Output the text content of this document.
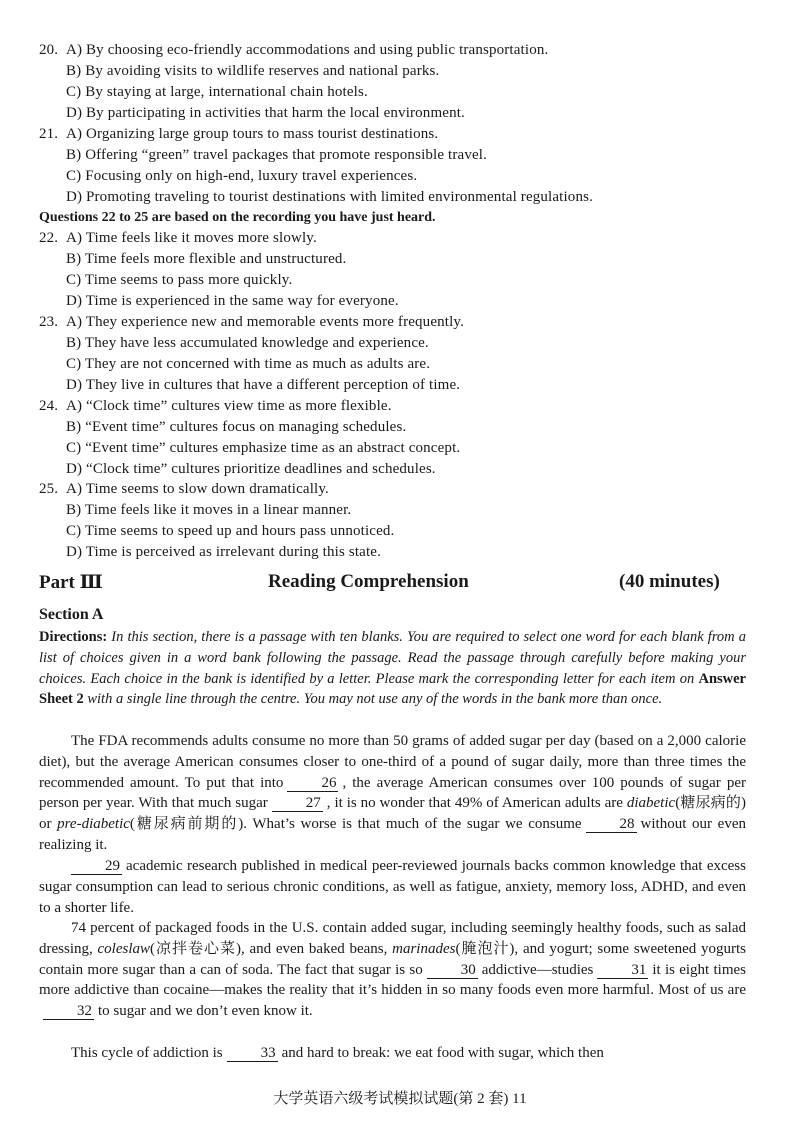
20. A) By choosing eco-friendly accommodations and using public transportation.
B) By avoiding visits to wildlife reserves and national parks.
C) By staying at large, international chain hotels.
D) By participating in activities that harm the local environment.
21. A) Organizing large group tours to mass tourist destinations.
B) Offering “green” travel packages that promote responsible travel.
C) Focusing only on high-end, luxury travel experiences.
D) Promoting traveling to tourist destinations with limited environmental regulations.
Questions 22 to 25 are based on the recording you have just heard.
22. A) Time feels like it moves more slowly.
B) Time feels more flexible and unstructured.
C) Time seems to pass more quickly.
D) Time is experienced in the same way for everyone.
23. A) They experience new and memorable events more frequently.
B) They have less accumulated knowledge and experience.
C) They are not concerned with time as much as adults are.
D) They live in cultures that have a different perception of time.
24. A) “Clock time” cultures view time as more flexible.
B) “Event time” cultures focus on managing schedules.
C) “Event time” cultures emphasize time as an abstract concept.
D) “Clock time” cultures prioritize deadlines and schedules.
25. A) Time seems to slow down dramatically.
B) Time feels like it moves in a linear manner.
C) Time seems to speed up and hours pass unnoticed.
D) Time is perceived as irrelevant during this state.
Part Ⅲ	Reading Comprehension	(40 minutes)
Section A
Directions: In this section, there is a passage with ten blanks. You are required to select one word for each blank from a list of choices given in a word bank following the passage. Read the passage through carefully before making your choices. Each choice in the bank is identified by a letter. Please mark the corresponding letter for each item on Answer Sheet 2 with a single line through the centre. You may not use any of the words in the bank more than once.
The FDA recommends adults consume no more than 50 grams of added sugar per day (based on a 2,000 calorie diet), but the average American consumes closer to one-third of a pound of sugar daily, more than three times the recommended amount. To put that into	26 , the average American consumes over 100 pounds of sugar per person per year. With that much sugar	27 , it is no wonder that 49% of American adults are diabetic(糖尿病的) or pre-diabetic(糖尿病前期的). What’s worse is that much of the sugar we consume	28 without our even realizing it.
29 academic research published in medical peer-reviewed journals backs common knowledge that excess sugar consumption can lead to serious chronic conditions, as well as fatigue, anxiety, memory loss, ADHD, and even to a shorter life.
74 percent of packaged foods in the U.S. contain added sugar, including seemingly healthy foods, such as salad dressing, coleslaw(凉拌卷心菜), and even baked beans, marinades(腌泡汁), and yogurt; some sweetened yogurts contain more sugar than a can of soda. The fact that sugar is so	30 addictive—studies	31 it is eight times more addictive than cocaine—makes the reality that it’s hidden in so many foods even more harmful. Most of us are32 to sugar and we don’t even know it.
This cycle of addiction is	33 and hard to break: we eat food with sugar, which then
大学英语六级考试模拟试题(第 2 套) 11
